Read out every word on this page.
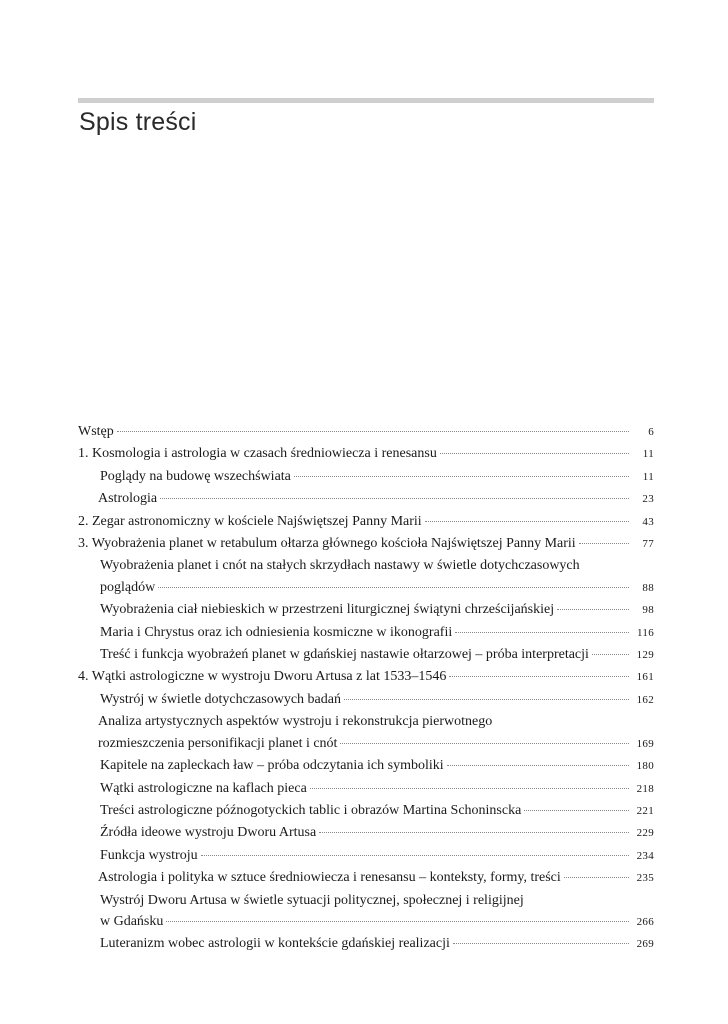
Spis treści
Wstęp	6
1. Kosmologia i astrologia w czasach średniowiecza i renesansu	11
Poglądy na budowę wszechświata	11
Astrologia	23
2. Zegar astronomiczny w kościele Najświętszej Panny Marii	43
3. Wyobrażenia planet w retabulum ołtarza głównego kościoła Najświętszej Panny Marii	77
Wyobrażenia planet i cnót na stałych skrzydłach nastawy w świetle dotychczasowych
poglądów	88
Wyobrażenia ciał niebieskich w przestrzeni liturgicznej świątyni chrześcijańskiej	98
Maria i Chrystus oraz ich odniesienia kosmiczne w ikonografii	116
Treść i funkcja wyobrażeń planet w gdańskiej nastawie ołtarzowej – próba interpretacji	129
4. Wątki astrologiczne w wystroju Dworu Artusa z lat 1533–1546	161
Wystrój w świetle dotychczasowych badań	162
Analiza artystycznych aspektów wystroju i rekonstrukcja pierwotnego
rozmieszczenia personifikacji planet i cnót	169
Kapitele na zapleckach ław – próba odczytania ich symboliki	180
Wątki astrologiczne na kaflach pieca	218
Treści astrologiczne późnogotyckich tablic i obrazów Martina Schoninscka	221
Źródła ideowe wystroju Dworu Artusa	229
Funkcja wystroju	234
Astrologia i polityka w sztuce średniowiecza i renesansu – konteksty, formy, treści	235
Wystrój Dworu Artusa w świetle sytuacji politycznej, społecznej i religijnej
w Gdańsku	266
Luteranizm wobec astrologii w kontekście gdańskiej realizacji	269
